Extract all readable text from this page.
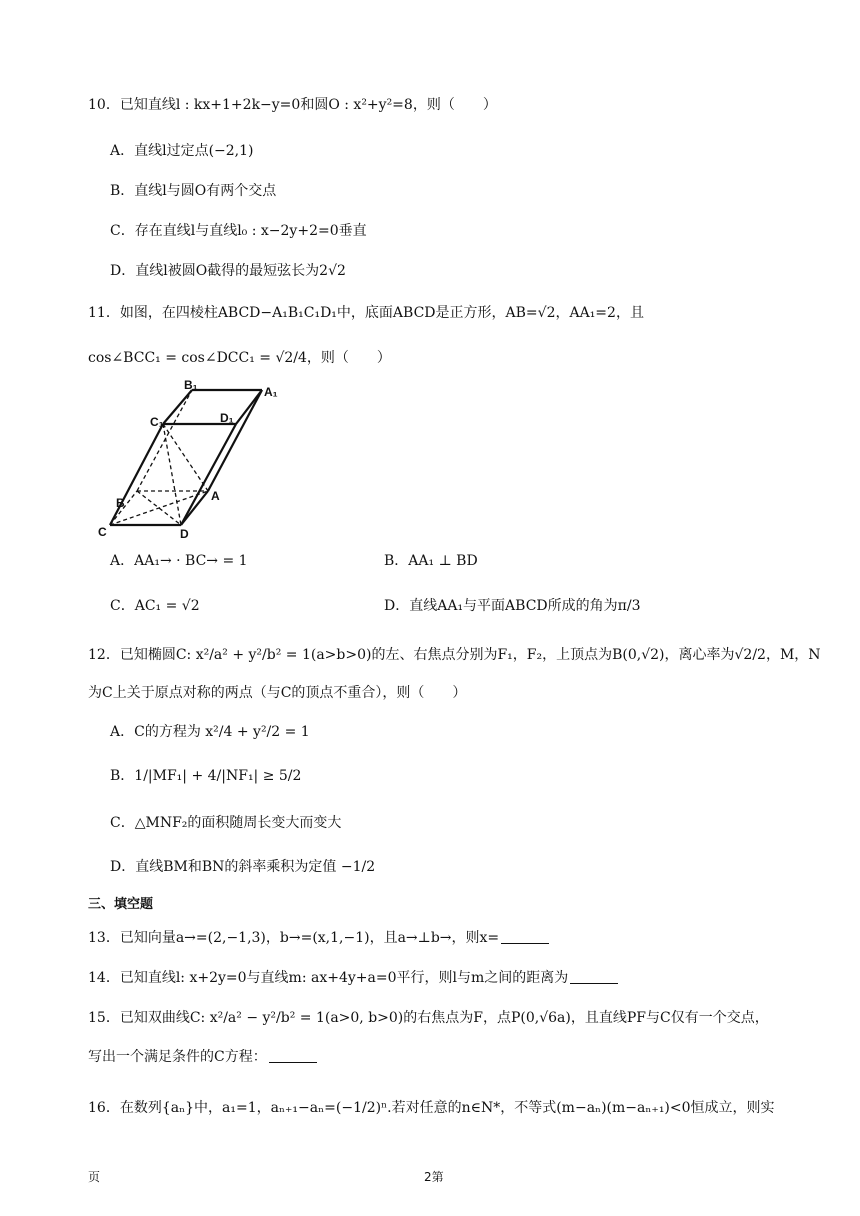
10．已知直线l : kx+1+2k−y=0和圆O : x²+y²=8，则（　　）
A．直线l过定点(−2,1)
B．直线l与圆O有两个交点
C．存在直线l与直线l₀ : x−2y+2=0垂直
D．直线l被圆O截得的最短弦长为2√2
11．如图，在四棱柱ABCD−A₁B₁C₁D₁中，底面ABCD是正方形，AB=√2，AA₁=2，且
cos∠BCC₁ = cos∠DCC₁ = √2/4，则（　　）
B₁	A₁
C₁	D₁
A
B
C	D
A．AA₁→ · BC→ = 1	B．AA₁ ⊥ BD
C．AC₁ = √2	D．直线AA₁与平面ABCD所成的角为π/3
12．已知椭圆C: x²/a² + y²/b² = 1(a>b>0)的左、右焦点分别为F₁，F₂，上顶点为B(0,√2)，离心率为√2/2，M，N
为C上关于原点对称的两点（与C的顶点不重合），则（　　）
A．C的方程为 x²/4 + y²/2 = 1
B．1/|MF₁| + 4/|NF₁| ≥ 5/2
C．△MNF₂的面积随周长变大而变大
D．直线BM和BN的斜率乘积为定值 −1/2
三、填空题
13．已知向量a→=(2,−1,3)，b→=(x,1,−1)，且a→⊥b→，则x=
14．已知直线l: x+2y=0与直线m: ax+4y+a=0平行，则l与m之间的距离为
15．已知双曲线C: x²/a² − y²/b² = 1(a>0, b>0)的右焦点为F，点P(0,√6a)，且直线PF与C仅有一个交点，
写出一个满足条件的C方程：
16．在数列{aₙ}中，a₁=1，aₙ₊₁−aₙ=(−1/2)ⁿ.若对任意的n∈N*，不等式(m−aₙ)(m−aₙ₊₁)<0恒成立，则实
页	2第
